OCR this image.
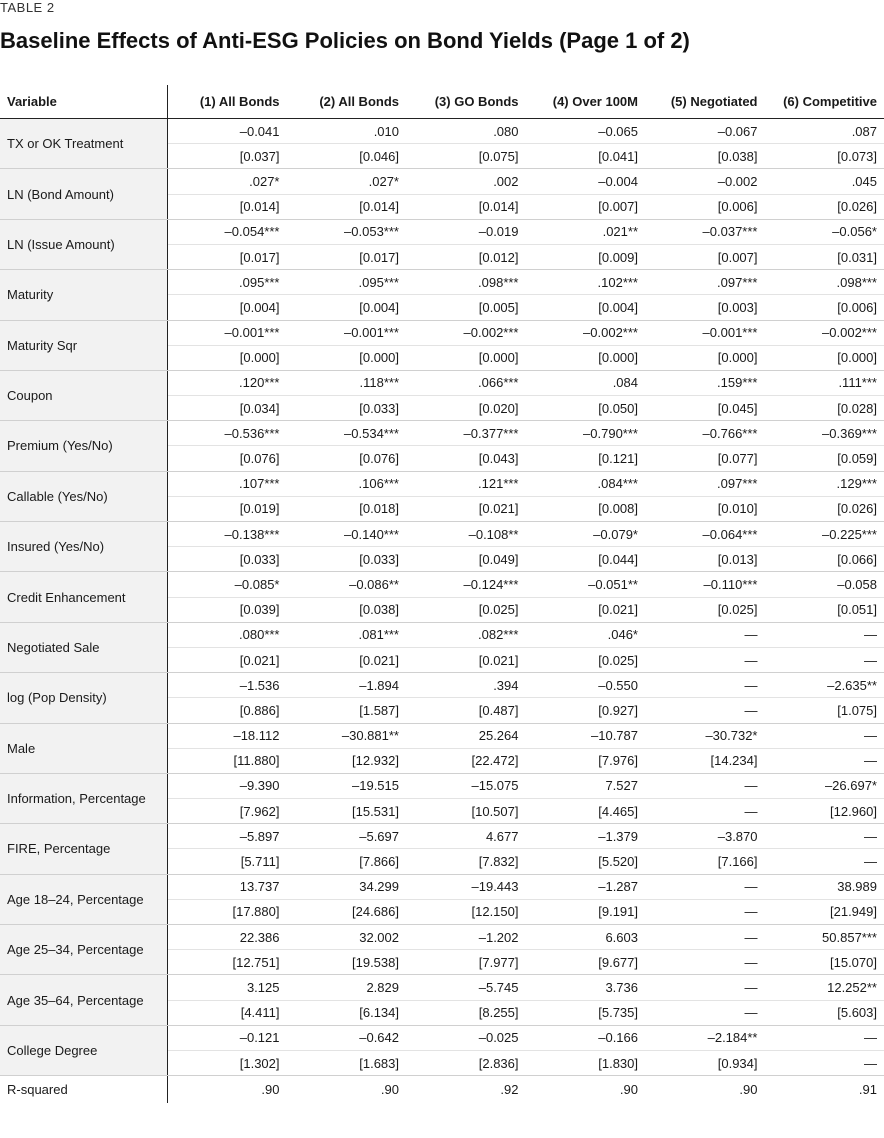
TABLE 2
Baseline Effects of Anti-ESG Policies on Bond Yields (Page 1 of 2)
Variable	(1) All Bonds	(2) All Bonds	(3) GO Bonds	(4) Over 100M	(5) Negotiated	(6) Competitive
TX or OK Treatment	–0.041	.010	.080	–0.065	–0.067	.087
	[0.037]	[0.046]	[0.075]	[0.041]	[0.038]	[0.073]
LN (Bond Amount)	.027*	.027*	.002	–0.004	–0.002	.045
	[0.014]	[0.014]	[0.014]	[0.007]	[0.006]	[0.026]
LN (Issue Amount)	–0.054***	–0.053***	–0.019	.021**	–0.037***	–0.056*
	[0.017]	[0.017]	[0.012]	[0.009]	[0.007]	[0.031]
Maturity	.095***	.095***	.098***	.102***	.097***	.098***
	[0.004]	[0.004]	[0.005]	[0.004]	[0.003]	[0.006]
Maturity Sqr	–0.001***	–0.001***	–0.002***	–0.002***	–0.001***	–0.002***
	[0.000]	[0.000]	[0.000]	[0.000]	[0.000]	[0.000]
Coupon	.120***	.118***	.066***	.084	.159***	.111***
	[0.034]	[0.033]	[0.020]	[0.050]	[0.045]	[0.028]
Premium (Yes/No)	–0.536***	–0.534***	–0.377***	–0.790***	–0.766***	–0.369***
	[0.076]	[0.076]	[0.043]	[0.121]	[0.077]	[0.059]
Callable (Yes/No)	.107***	.106***	.121***	.084***	.097***	.129***
	[0.019]	[0.018]	[0.021]	[0.008]	[0.010]	[0.026]
Insured (Yes/No)	–0.138***	–0.140***	–0.108**	–0.079*	–0.064***	–0.225***
	[0.033]	[0.033]	[0.049]	[0.044]	[0.013]	[0.066]
Credit Enhancement	–0.085*	–0.086**	–0.124***	–0.051**	–0.110***	–0.058
	[0.039]	[0.038]	[0.025]	[0.021]	[0.025]	[0.051]
Negotiated Sale	.080***	.081***	.082***	.046*	—	—
	[0.021]	[0.021]	[0.021]	[0.025]	—	—
log (Pop Density)	–1.536	–1.894	.394	–0.550	—	–2.635**
	[0.886]	[1.587]	[0.487]	[0.927]	—	[1.075]
Male	–18.112	–30.881**	25.264	–10.787	–30.732*	—
	[11.880]	[12.932]	[22.472]	[7.976]	[14.234]	—
Information, Percentage	–9.390	–19.515	–15.075	7.527	—	–26.697*
	[7.962]	[15.531]	[10.507]	[4.465]	—	[12.960]
FIRE, Percentage	–5.897	–5.697	4.677	–1.379	–3.870	—
	[5.711]	[7.866]	[7.832]	[5.520]	[7.166]	—
Age 18–24, Percentage	13.737	34.299	–19.443	–1.287	—	38.989
	[17.880]	[24.686]	[12.150]	[9.191]	—	[21.949]
Age 25–34, Percentage	22.386	32.002	–1.202	6.603	—	50.857***
	[12.751]	[19.538]	[7.977]	[9.677]	—	[15.070]
Age 35–64, Percentage	3.125	2.829	–5.745	3.736	—	12.252**
	[4.411]	[6.134]	[8.255]	[5.735]	—	[5.603]
College Degree	–0.121	–0.642	–0.025	–0.166	–2.184**	—
	[1.302]	[1.683]	[2.836]	[1.830]	[0.934]	—
R-squared	.90	.90	.92	.90	.90	.91
